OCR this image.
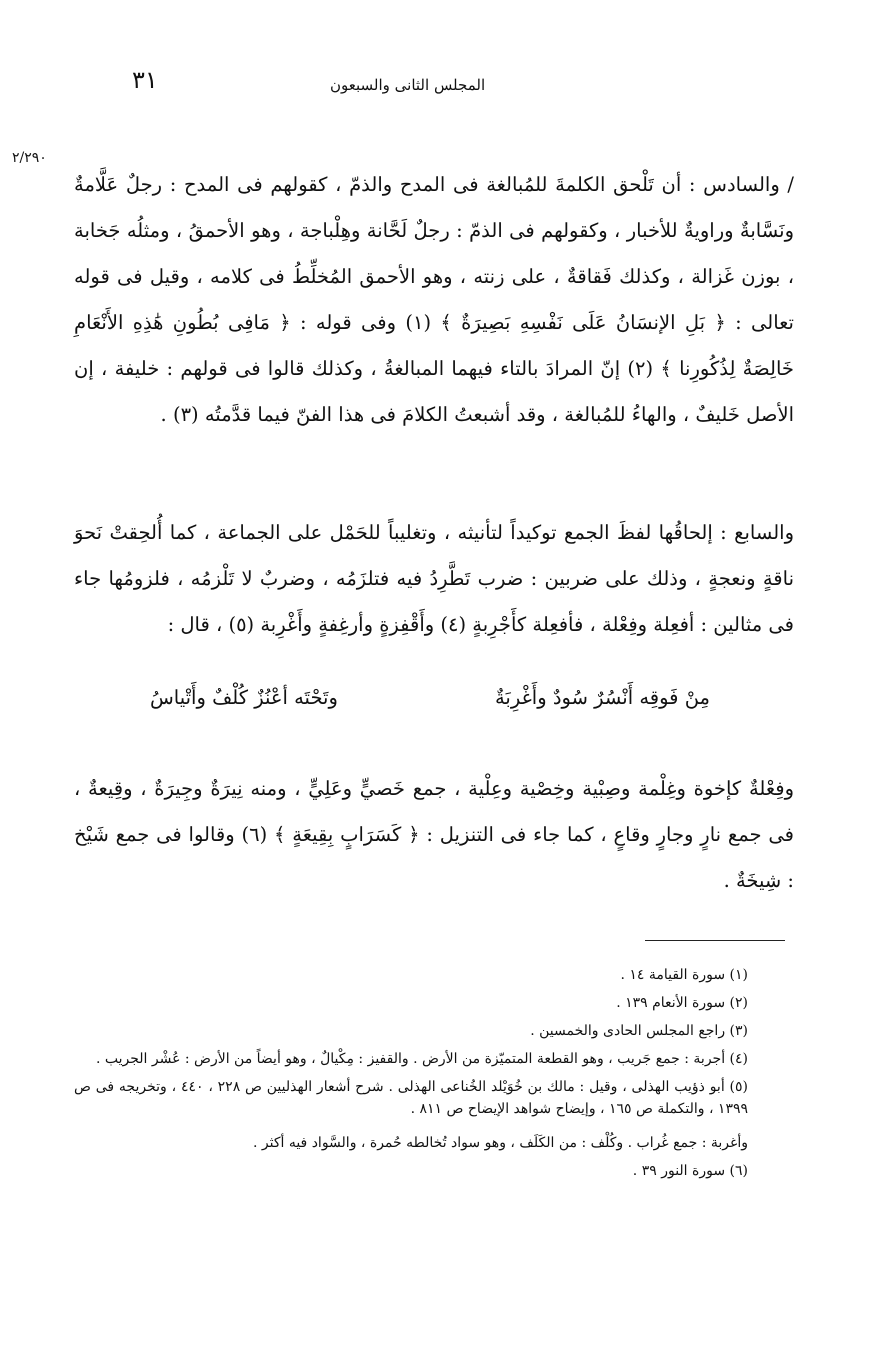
٣١	المجلس الثانى والسبعون
٢/٢٩٠

/ والسادس : أن تَلْحق الكلمةَ للمُبالغة فى المدح والذمّ ، كقولهم فى المدح : رجلٌ عَلَّامةٌ ونَسَّابةٌ وراويةٌ للأخبار ، وكقولهم فى الذمّ : رجلٌ لَحَّانة وهِلْباجة ، وهو الأحمقُ ، ومثلُه جَخابة ، بوزن غَزالة ، وكذلك فَقاقةٌ ، على زنته ، وهو الأحمق المُخلِّطُ فى كلامه ، وقيل فى قوله تعالى : ﴿ بَلِ الإنسَانُ عَلَى نَفْسِهِ بَصِيرَةٌ ﴾ (١) وفى قوله : ﴿ مَافِى بُطُونِ هَٰذِهِ الأَنْعَامِ خَالِصَةٌ لِذُكُورِنا ﴾ (٢) إنّ المرادَ بالتاء فيهما المبالغةُ ، وكذلك قالوا فى قولهم : خليفة ، إن الأصل خَليفٌ ، والهاءُ للمُبالغة ، وقد أشبعتُ الكلامَ فى هذا الفنّ فيما قدَّمتُه (٣) .

والسابع : إلحاقُها لفظَ الجمع توكيداً لتأنيثه ، وتغليباً للحَمْل على الجماعة ، كما أُلحِقتْ نَحوَ ناقةٍ ونعجةٍ ، وذلك على ضربين : ضرب تَطَّرِدُ فيه فتلزَمُه ، وضربٌ لا تَلْزمُه ، فلزومُها جاء فى مثالين : أفعِلة وفِعْلة ، فأفعِلة كأَجْرِبةٍ (٤) وأَقْفِزةٍ وأرغِفةٍ وأَغْرِبة (٥) ، قال :

مِنْ فَوقِه أَنْسُرٌ سُودٌ وأَغْرِبَةٌ
وتَحْتَه أعْنُزٌ كُلْفٌ وأَتْياسُ

وفِعْلةٌ كإخوة وغِلْمة وصِبْية وخِصْية وعِلْية ، جمع خَصيٍّ وعَلِيٍّ ، ومنه نِيرَةٌ وجِيرَةٌ ، وقِيعةٌ ، فى جمع نارٍ وجارٍ وقاعٍ ، كما جاء فى التنزيل : ﴿ كَسَرَابٍ بِقِيعَةٍ ﴾ (٦) وقالوا فى جمع شَيْخ : شِيخَةٌ .

(١) سورة القيامة ١٤ .

(٢) سورة الأنعام ١٣٩ .

(٣) راجع المجلس الحادى والخمسين .

(٤) أجربة : جمع جَريب ، وهو القطعة المتميّزة من الأرض . والقفيز : مِكْيالٌ ، وهو أيضاً من الأرض : عُشْر الجريب .

(٥) أبو ذؤيب الهذلى ، وقيل : مالك بن خُوَيْلد الخُناعى الهذلى . شرح أشعار الهذليين ص ٢٢٨ ، ٤٤٠ ، وتخريجه فى ص ١٣٩٩ ، والتكملة ص ١٦٥ ، وإيضاح شواهد الإيضاح ص ٨١١ .

وأغربة : جمع غُراب . وكُلْف : من الكَلَف ، وهو سواد تُخالطه حُمرة ، والسَّواد فيه أكثر .

(٦) سورة النور ٣٩ .
